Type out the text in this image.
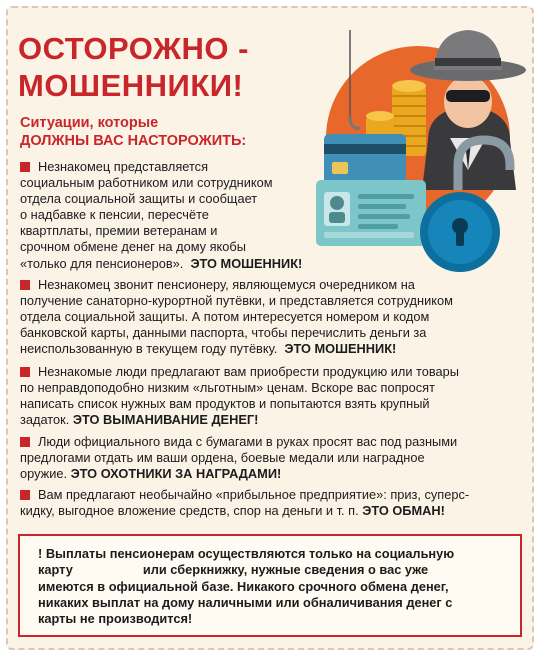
ОСТОРОЖНО -
МОШЕННИКИ!
Ситуации, которые
ДОЛЖНЫ ВАС НАСТОРОЖИТЬ:
Незнакомец представляется
социальным работником или сотрудником
отдела социальной защиты и сообщает
о надбавке к пенсии, пересчёте
квартплаты, премии ветеранам и
срочном обмене денег на дому якобы
«только для пенсионеров». ЭТО МОШЕННИК!
Незнакомец звонит пенсионеру, являющемуся очередником на
получение санаторно-курортной путёвки, и представляется сотрудником
отдела социальной защиты. А потом интересуется номером и кодом
банковской карты, данными паспорта, чтобы перечислить деньги за
неиспользованную в текущем году путёвку. ЭТО МОШЕННИК!
Незнакомые люди предлагают вам приобрести продукцию или товары
по неправдоподобно низким «льготным» ценам. Вскоре вас попросят
написать список нужных вам продуктов и попытаются взять крупный
задаток. ЭТО ВЫМАНИВАНИЕ ДЕНЕГ!
Люди официального вида с бумагами в руках просят вас под разными
предлогами отдать им ваши ордена, боевые медали или наградное
оружие. ЭТО ОХОТНИКИ ЗА НАГРАДАМИ!
Вам предлагают необычайно «прибыльное предприятие»: приз, суперс-
кидку, выгодное вложение средств, спор на деньги и т. п. ЭТО ОБМАН!
! Выплаты пенсионерам осуществляются только на социальную
карту	или сберкнижку, нужные сведения о вас уже
имеются в официальной базе. Никакого срочного обмена денег,
никаких выплат на дому наличными или обналичивания денег с
карты не производится!
